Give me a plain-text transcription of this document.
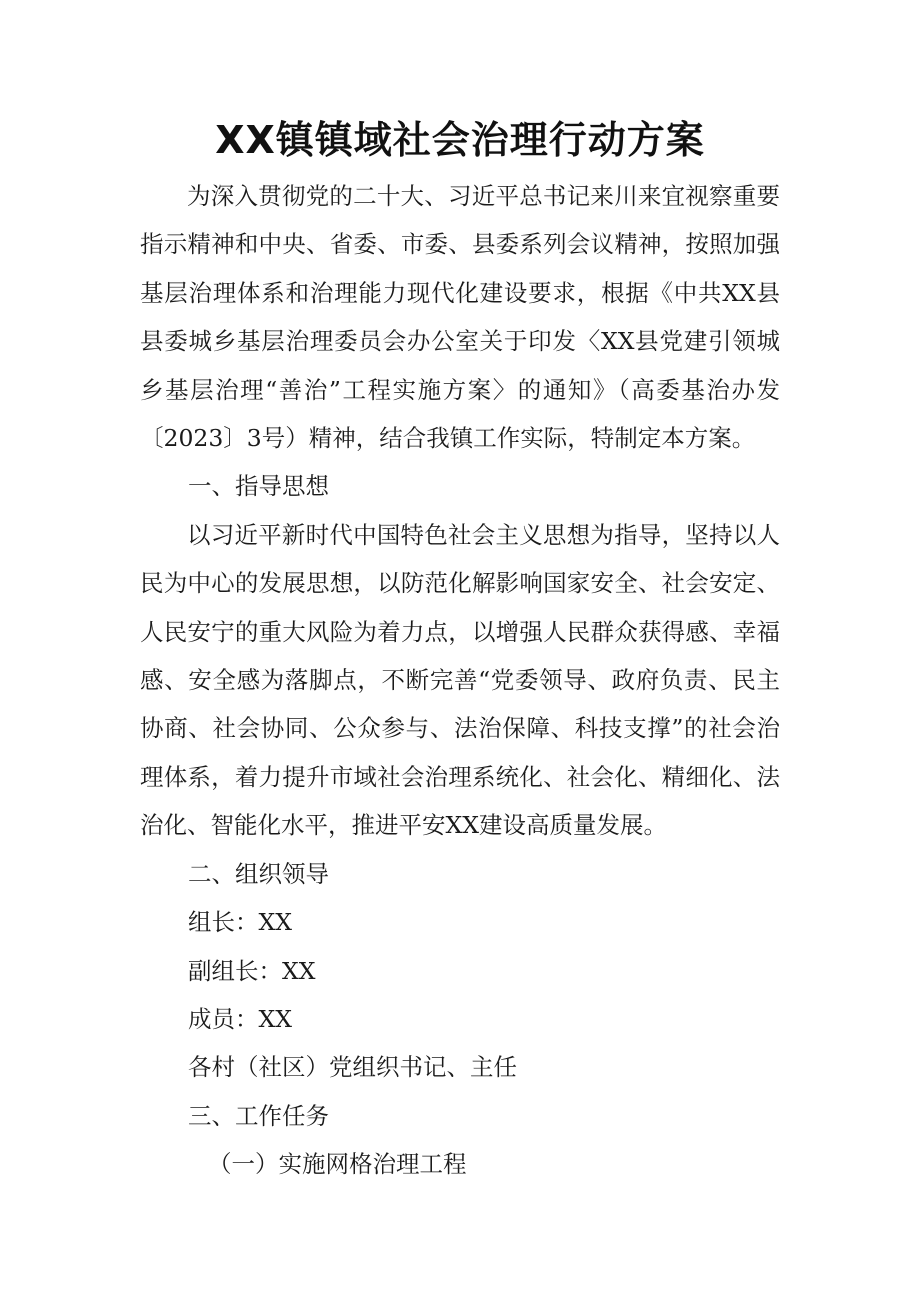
XX镇镇域社会治理行动方案

为深入贯彻党的二十大、习近平总书记来川来宜视察重要指示精神和中央、省委、市委、县委系列会议精神，按照加强基层治理体系和治理能力现代化建设要求，根据《中共XX县县委城乡基层治理委员会办公室关于印发〈XX县党建引领城乡基层治理“善治”工程实施方案〉的通知》（高委基治办发〔2023〕3号）精神，结合我镇工作实际，特制定本方案。

一、指导思想

以习近平新时代中国特色社会主义思想为指导，坚持以人民为中心的发展思想，以防范化解影响国家安全、社会安定、人民安宁的重大风险为着力点，以增强人民群众获得感、幸福感、安全感为落脚点，不断完善“党委领导、政府负责、民主协商、社会协同、公众参与、法治保障、科技支撑”的社会治理体系，着力提升市域社会治理系统化、社会化、精细化、法治化、智能化水平，推进平安XX建设高质量发展。

二、组织领导

组长：XX

副组长：XX

成员：XX

各村（社区）党组织书记、主任

三、工作任务

（一）实施网格治理工程
